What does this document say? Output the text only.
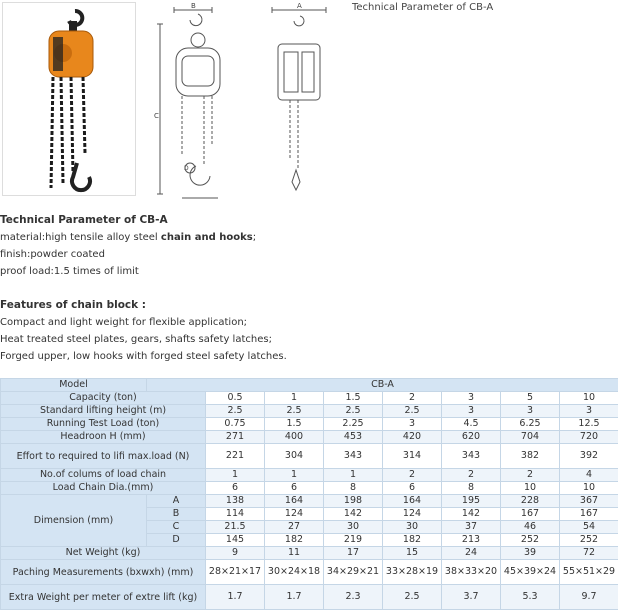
B
C
D
A	Technical Parameter of CB-A

Technical Parameter of CB-A

material:high tensile alloy steel chain and hooks;

finish:powder coated

proof load:1.5 times of limit

Features of chain block :

Compact and light weight for flexible application;

Heat treated steel plates, gears, shafts safety latches;

Forged upper, low hooks with forged steel safety latches.

Model	CB-A								
Capacity (ton)		0.5	1	1.5	2	3	5	10	
Standard lifting height (m)		2.5	2.5	2.5	2.5	3	3	3	
Running Test Load (ton)		0.75	1.5	2.25	3	4.5	6.25	12.5	
Headroon H (mm)		271	400	453	420	620	704	720	
Effort to required to lifi max.load (N)		221	304	343	314	343	382	392	
No.of colums of load chain		1	1	1	2	2	2	4	
Load Chain Dia.(mm)		6	6	8	6	8	10	10	
Dimension (mm)	A	138	164	198	164	195	228	367	
	B	114	124	142	124	142	167	167	
	C	21.5	27	30	30	37	46	54	
	D	145	182	219	182	213	252	252	
Net Weight (kg)		9	11	17	15	24	39	72	
Paching Measurements (bxwxh) (mm)		28×21×17	30×24×18	34×29×21	33×28×19	38×33×20	45×39×24	55×51×29	
Extra Weight per meter of extre lift (kg)		1.7	1.7	2.3	2.5	3.7	5.3	9.7	
